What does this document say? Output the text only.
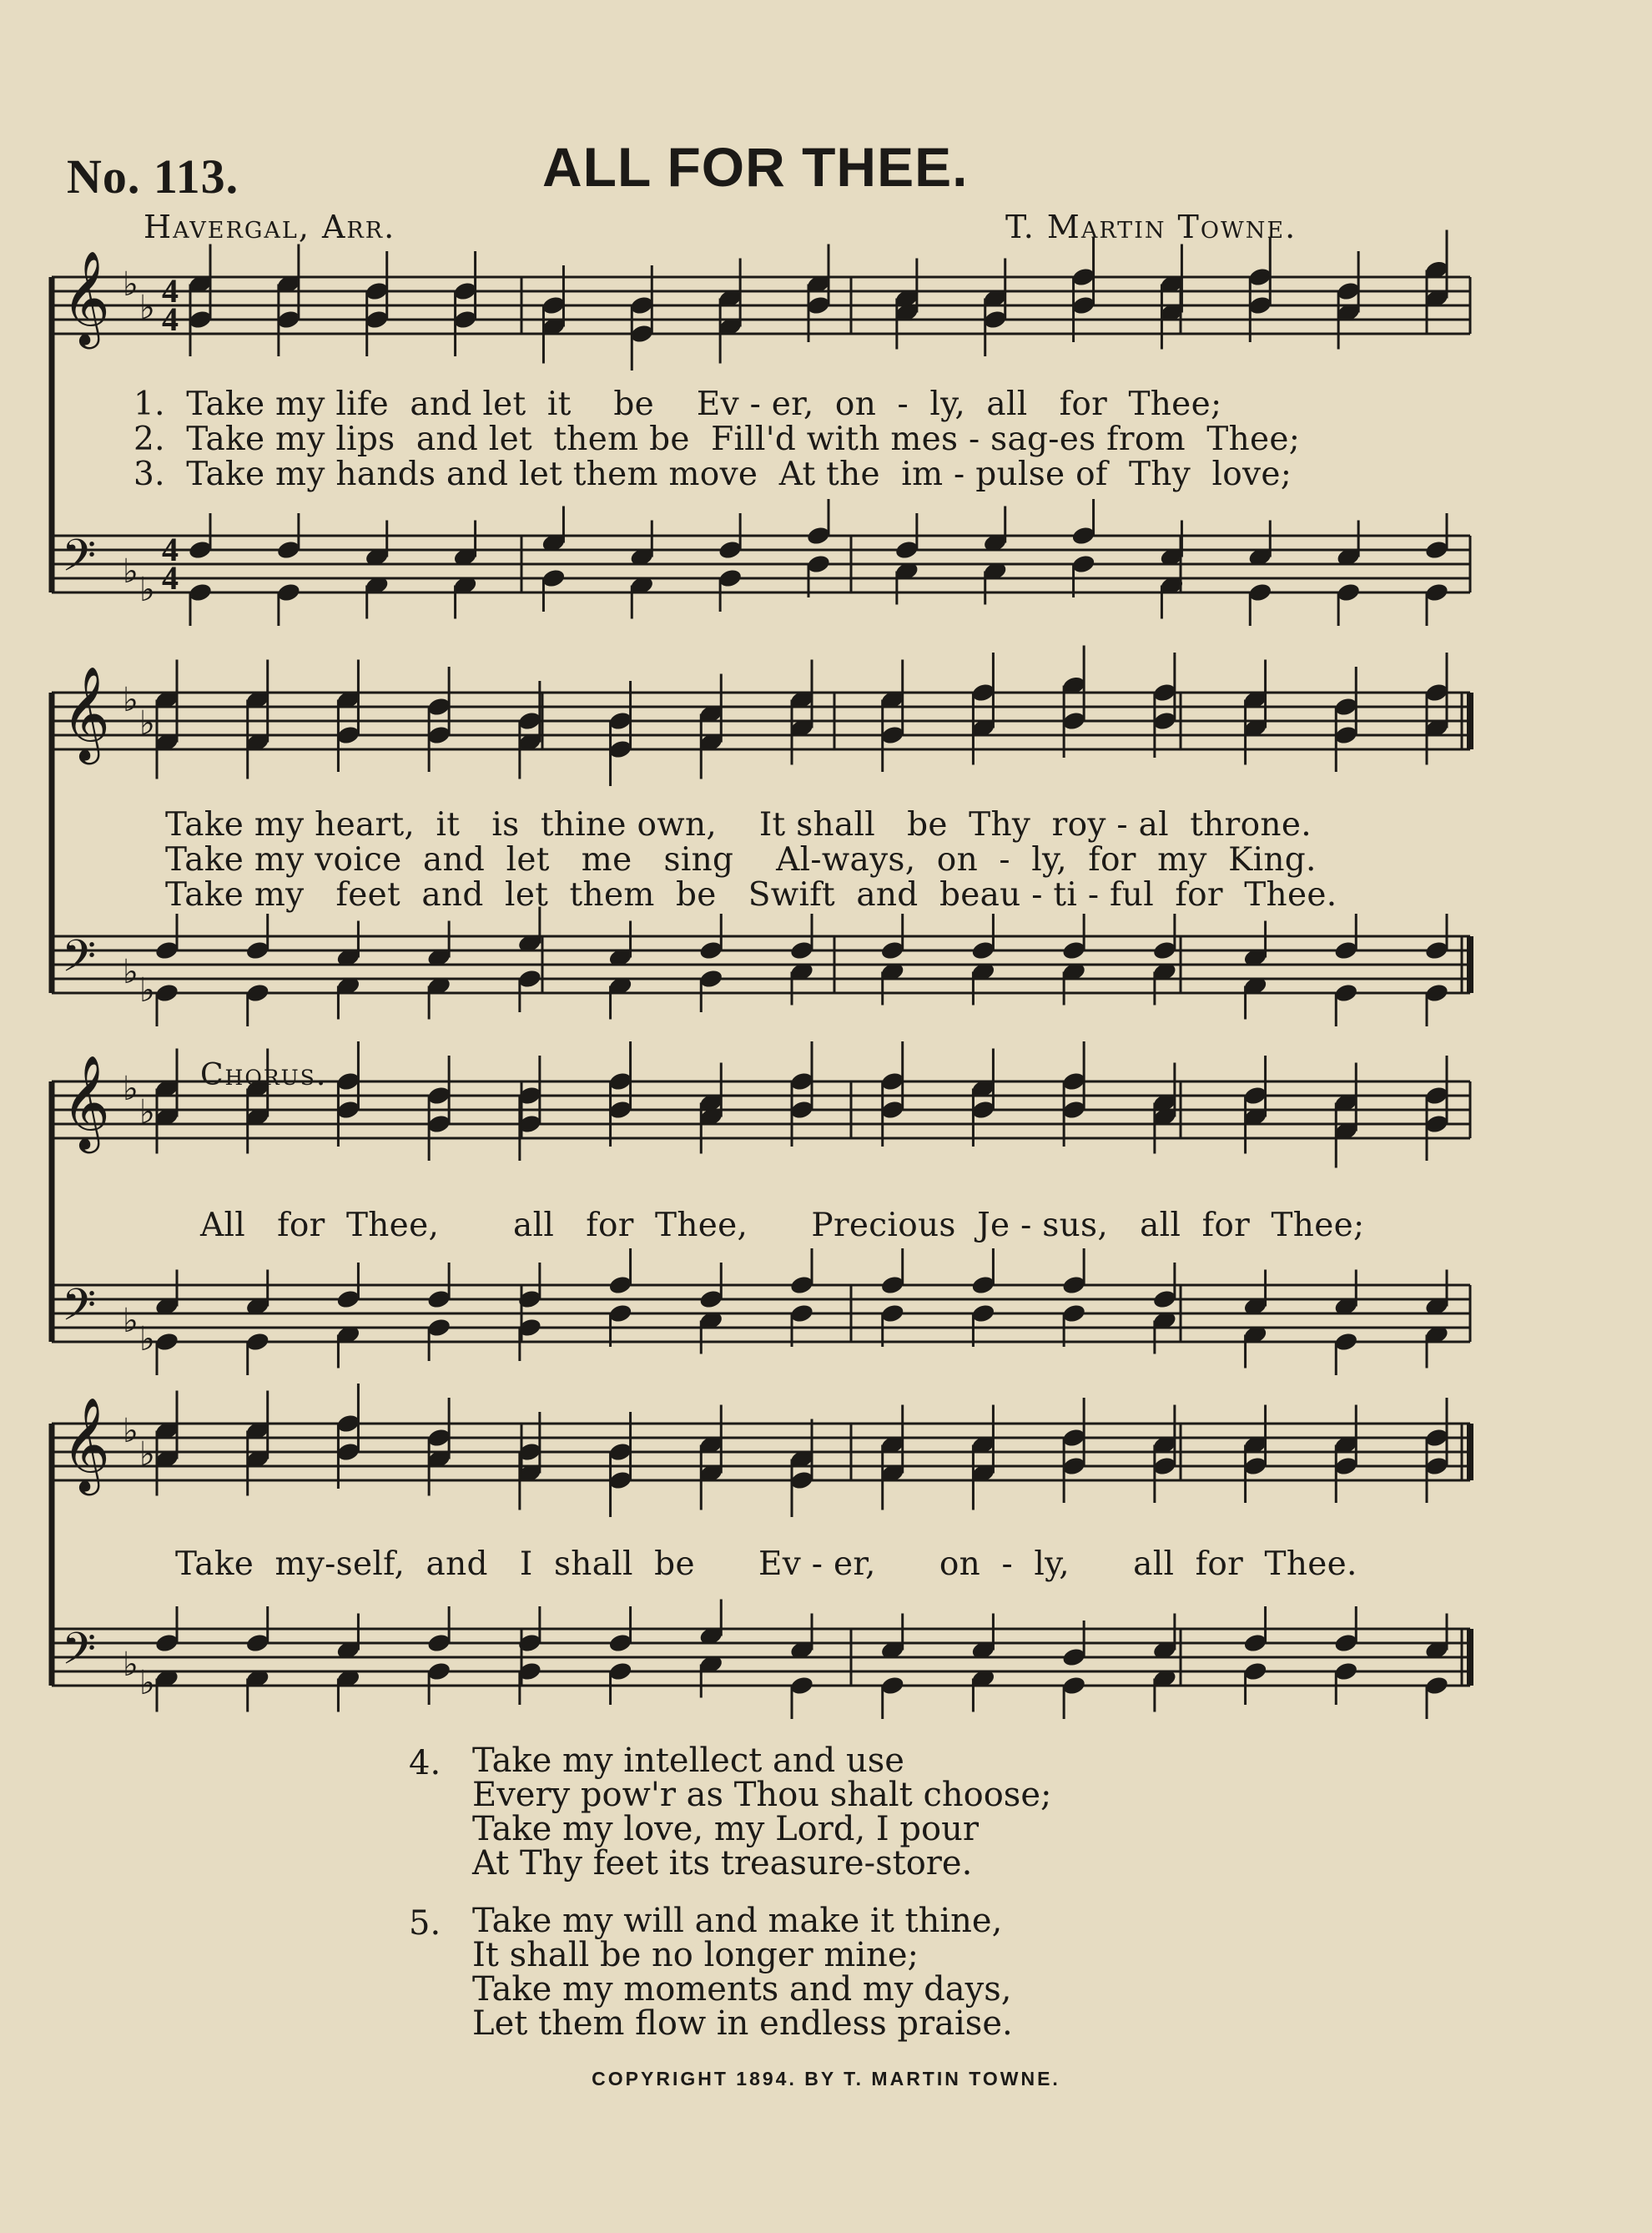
No. 113.	ALL FOR THEE.
Havergal, Arr.	T. Martin Towne.
𝄞 ♭
♭ 4
4
𝄢 ♭ ♭
4
4
𝄞 ♭
♭
𝄢 ♭ ♭
𝄞 ♭
♭
𝄢 ♭ ♭
𝄞 ♭
♭
𝄢 ♭ ♭
1.  Take my life  and let  it    be    Ev - er,  on  -  ly,  all   for  Thee;
2.  Take my lips  and let  them be  Fill'd with mes - sag-es from  Thee;
3.  Take my hands and let them move  At the  im - pulse of  Thy  love;
Take my heart,  it   is  thine own,    It shall   be  Thy  roy - al  throne.
Take my voice  and  let   me   sing    Al-ways,  on  -  ly,  for  my  King.
Take my   feet  and  let  them  be   Swift  and  beau - ti - ful  for  Thee.
Chorus.
All   for  Thee,       all   for  Thee,      Precious  Je - sus,   all  for  Thee;
Take  my-self,  and   I  shall  be      Ev - er,      on  -  ly,      all  for  Thee.
4. Take my intellect and use
Every pow'r as Thou shalt choose;
Take my love, my Lord, I pour
At Thy feet its treasure-store.
5. Take my will and make it thine,
It shall be no longer mine;
Take my moments and my days,
Let them flow in endless praise.
COPYRIGHT 1894. BY T. MARTIN TOWNE.
